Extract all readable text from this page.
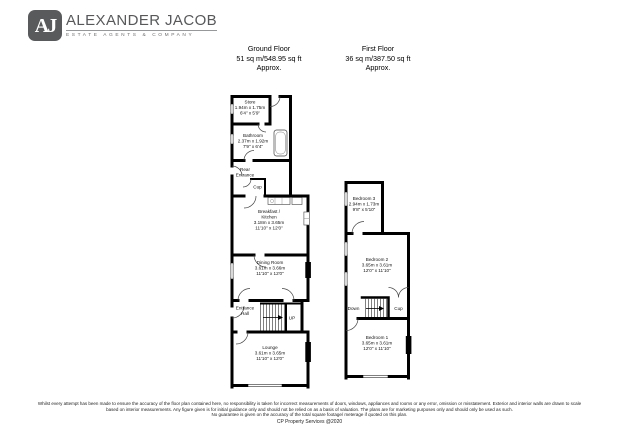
AJ ALEXANDER JACOB
ESTATE AGENTS & COMPANY
Ground Floor
51 sq m/548.95 sq ft
Approx.
First Floor
36 sq m/387.50 sq ft
Approx.
Store
1.94m x 1.75m
6'4" x 5'9"
Bathroom
2.37m x 1.92m
7'9" x 6'4"
Rear
Entrance
Cup
Breakfast /
Kitchen
3.18m x 3.65m
11'10" x 12'0"
Dining Room
3.61m x 3.66m
11'10" x 12'0"
Entrance
Hall
UP
Lounge
3.61m x 3.65m
11'10" x 12'0"
Bedroom 3
2.94m x 1.73m
9'8" x 5'10"
Bedroom 2
3.65m x 3.61m
12'0" x 11'10"
Down	Cup
Bedroom 1
3.65m x 3.61m
12'0" x 11'10"
Whilst every attempt has been made to ensure the accuracy of the floor plan contained here, no responsibility is taken for incorrect measurements of doors, windows, appliances and rooms or any error, omission or misstatement. Exterior and interior walls are drawn to scale
based on interior measurements. Any figure given is for initial guidance only and should not be relied on as a basis of valuation. The plans are for marketing purposes only and should only be used as such.
No guarantee is given on the accuracy of the total square footage/ meterage if quoted on this plan.
CP Property Services @2020
